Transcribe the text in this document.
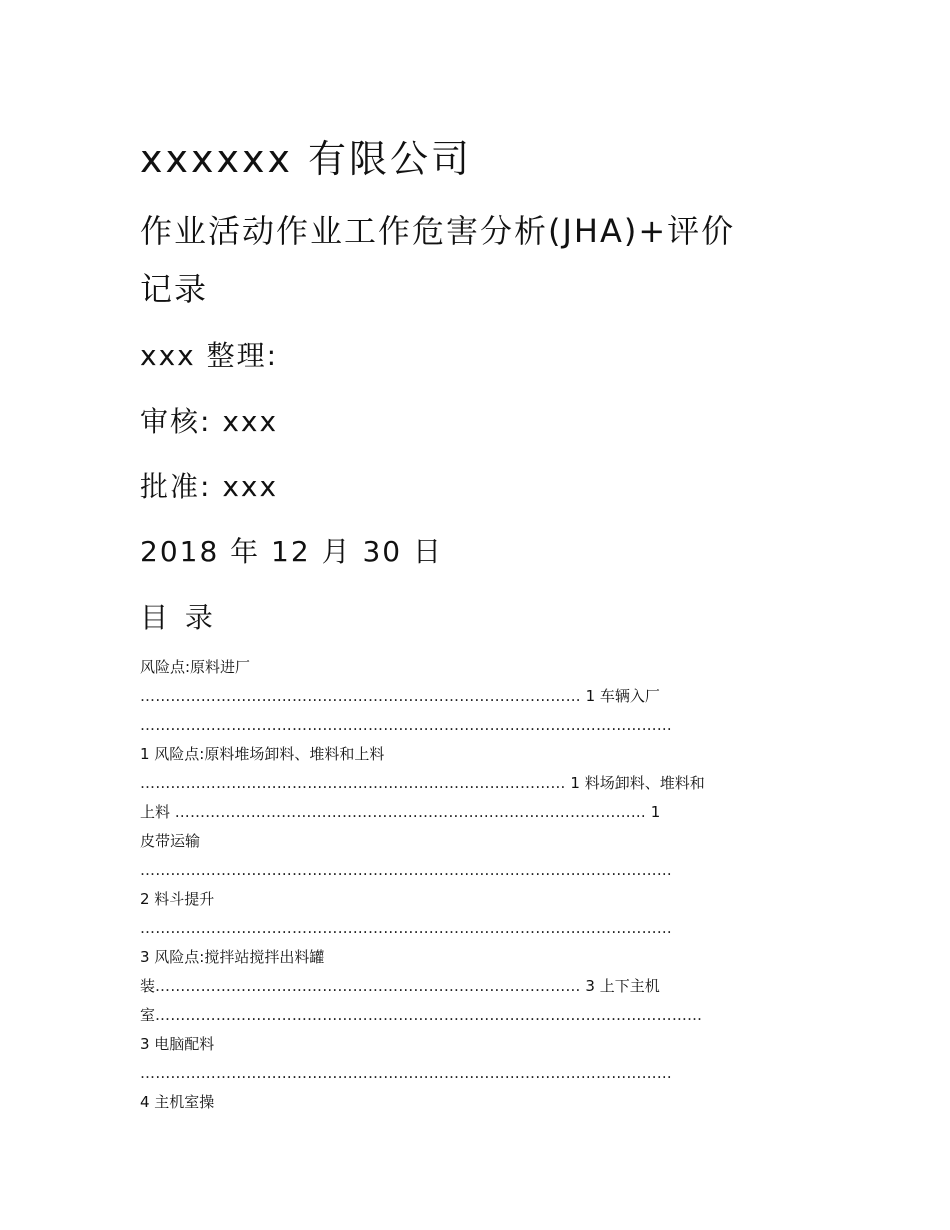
xxxxxx 有限公司
作业活动作业工作危害分析(JHA)+评价
记录
xxx 整理:
审核: xxx
批准: xxx
2018 年 12 月 30 日
目 录
风险点:原料进厂
…………………………………………………………………………… 1 车辆入厂
……………………………………………………………………………………………
1 风险点:原料堆场卸料、堆料和上料
………………………………………………………………………… 1 料场卸料、堆料和
上料 ………………………………………………………………………………… 1
皮带运输
……………………………………………………………………………………………
2 料斗提升
……………………………………………………………………………………………
3 风险点:搅拌站搅拌出料罐
装………………………………………………………………………… 3 上下主机
室………………………………………………………………………………………………
3 电脑配料
……………………………………………………………………………………………
4 主机室操
